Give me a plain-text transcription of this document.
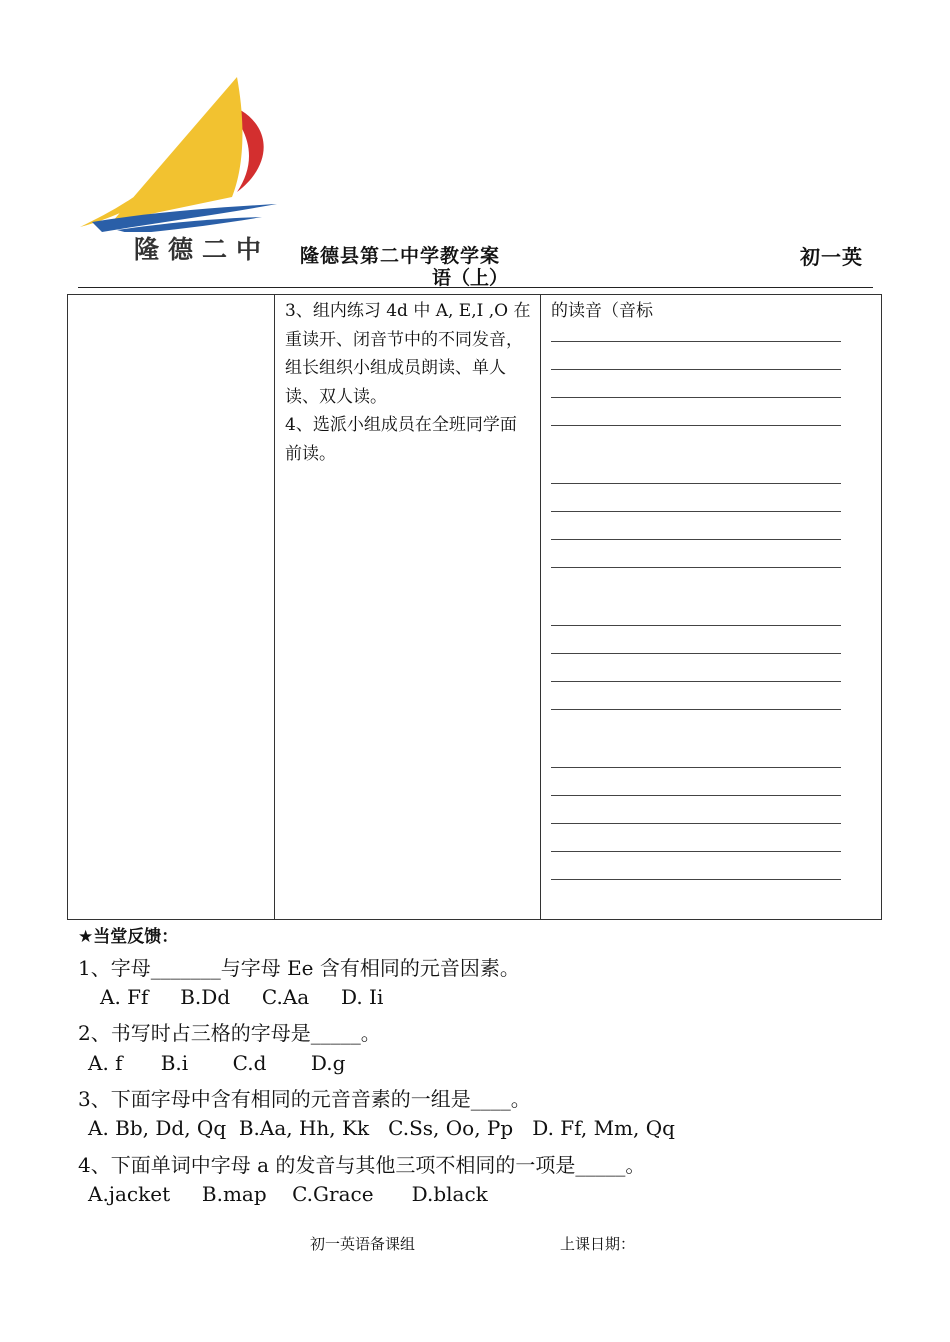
隆德二中 隆德县第二中学教学案
语（上）
初一英

3、组内练习 4d 中 A, E,I ,O 在重读开、闭音节中的不同发音，组长组织小组成员朗读、单人读、双人读。

4、选派小组成员在全班同学面前读。

的读音（音标
★当堂反馈：
1、字母_______与字母 Ee 含有相同的元音因素。
A. Ff     B.Dd     C.Aa     D. Ii
2、书写时占三格的字母是_____。
A. f      B.i       C.d       D.g
3、下面字母中含有相同的元音音素的一组是____。
A. Bb, Dd, Qq  B.Aa, Hh, Kk   C.Ss, Oo, Pp   D. Ff, Mm, Qq
4、下面单词中字母 a 的发音与其他三项不相同的一项是_____。
A.jacket     B.map    C.Grace      D.black
初一英语备课组	上课日期：
